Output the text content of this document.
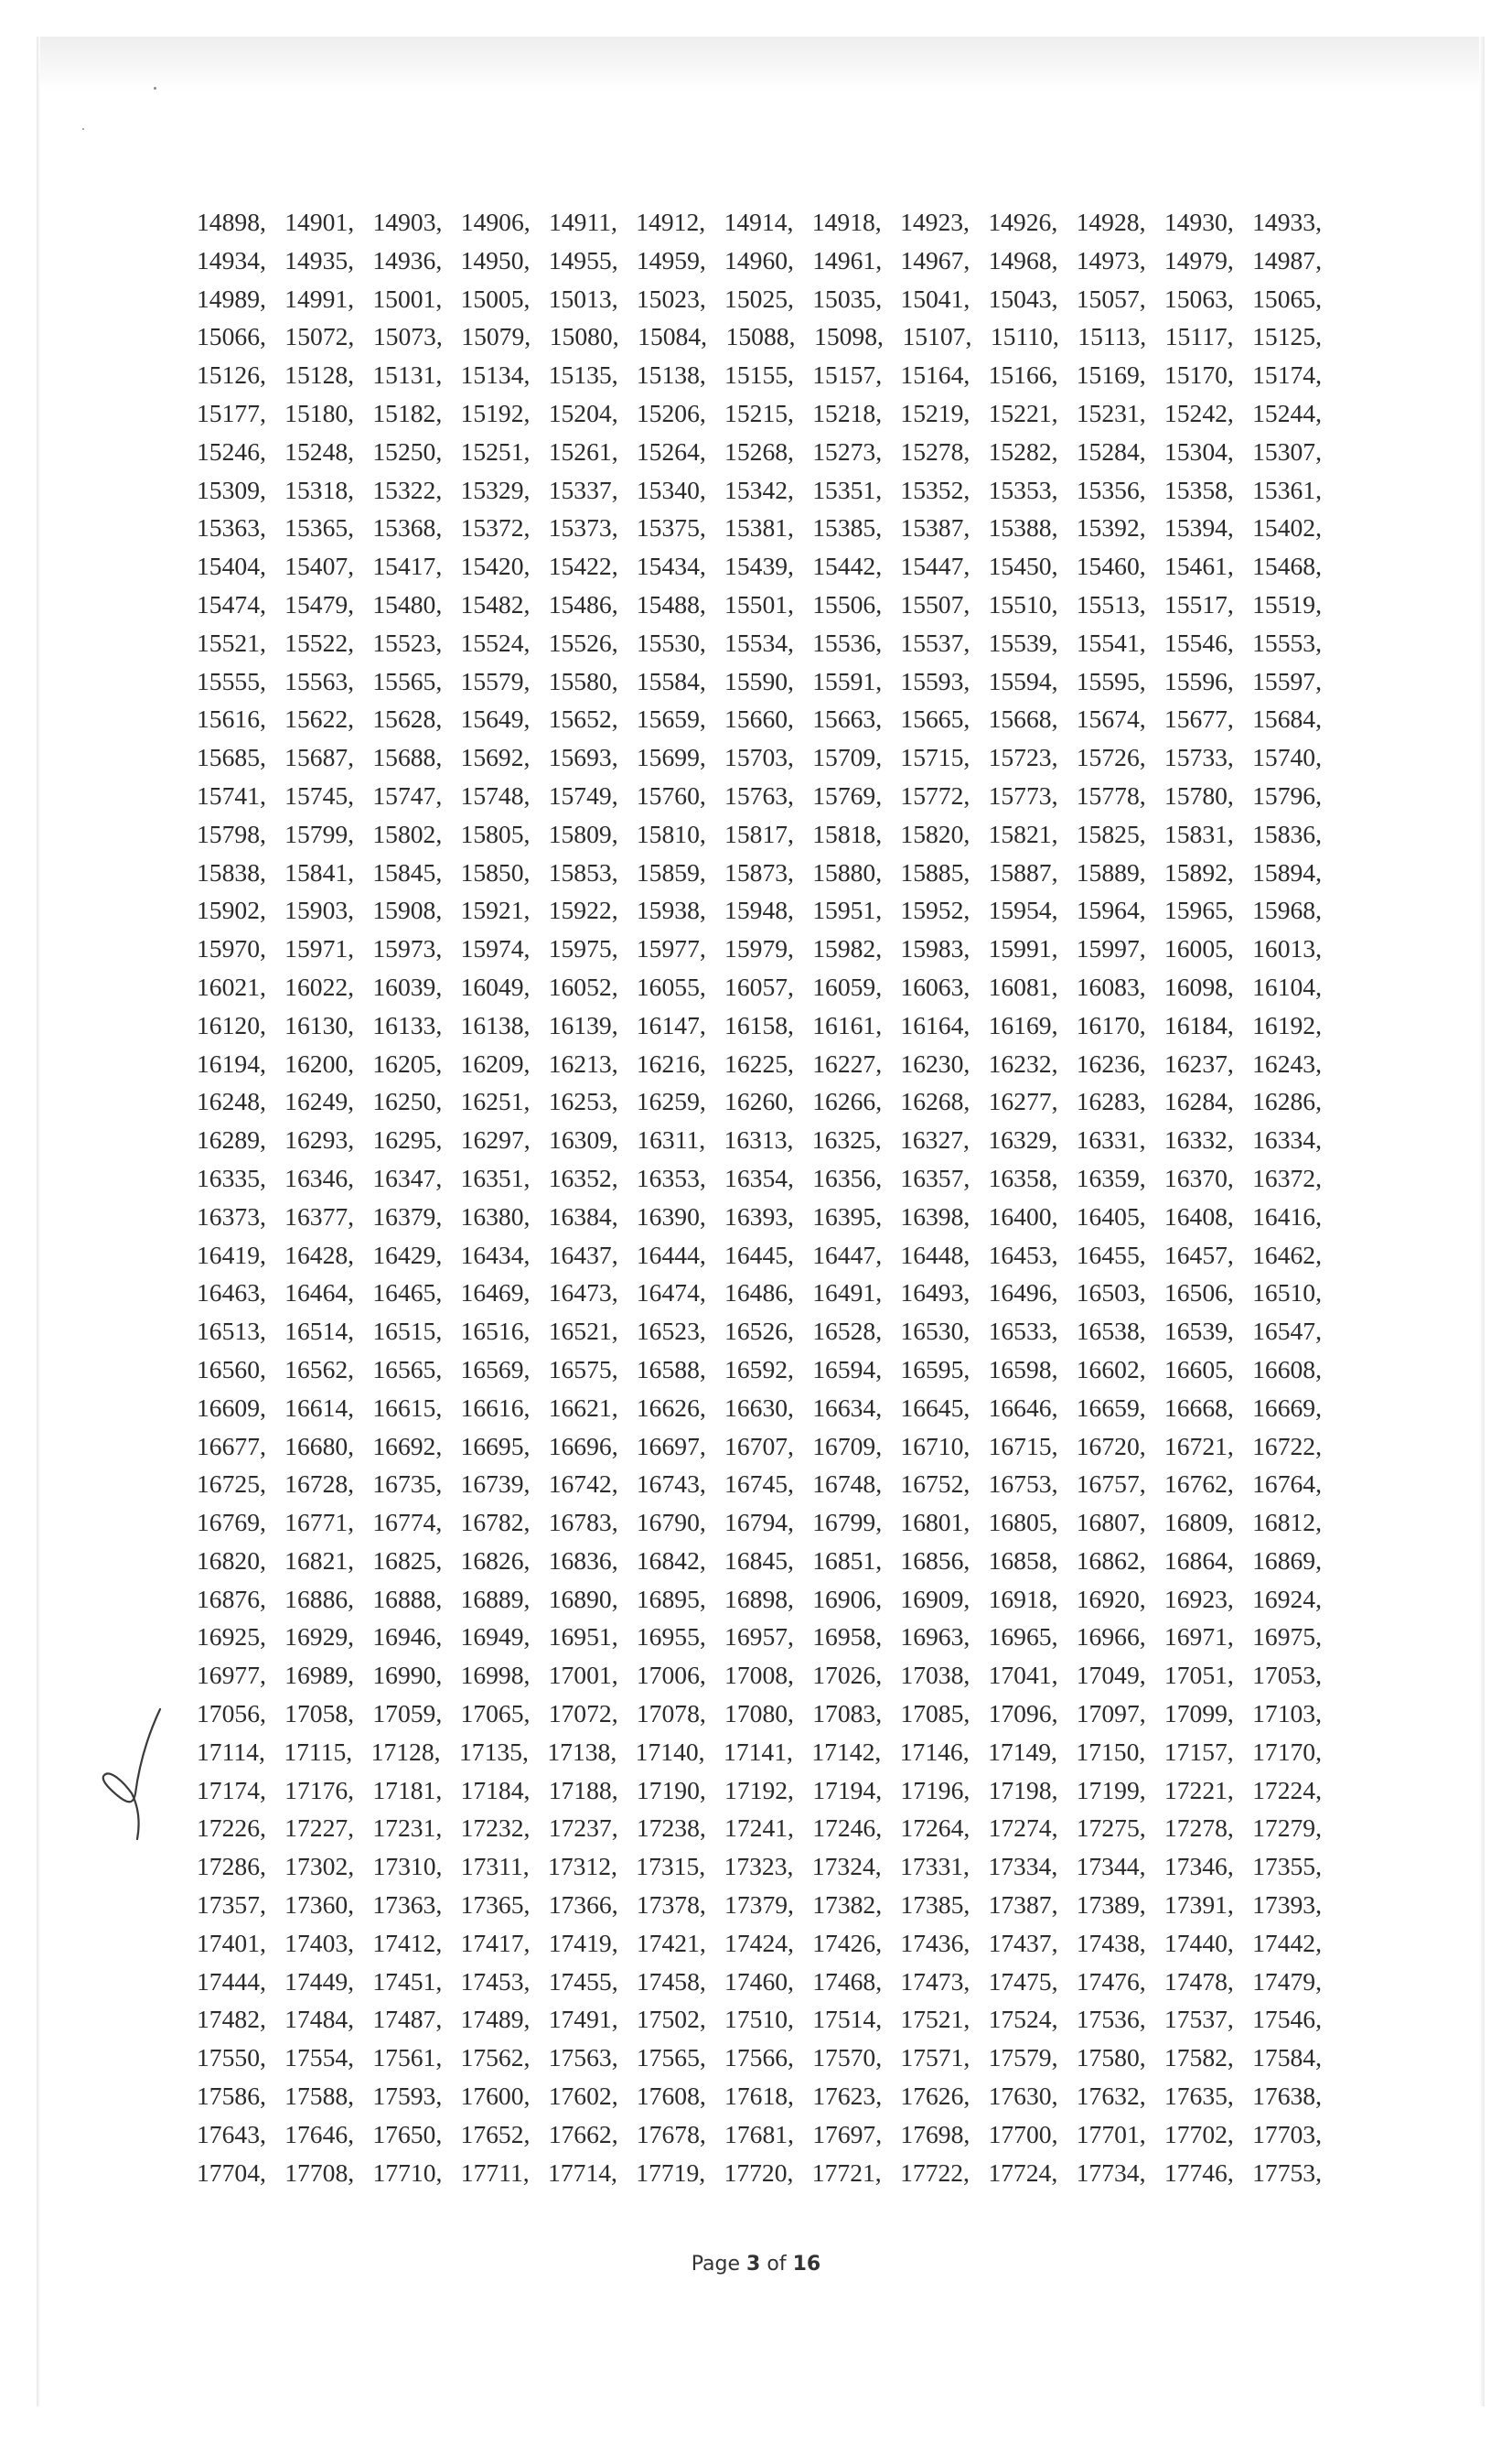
14898, 14901, 14903, 14906, 14911, 14912, 14914, 14918, 14923, 14926, 14928, 14930, 14933,
14934, 14935, 14936, 14950, 14955, 14959, 14960, 14961, 14967, 14968, 14973, 14979, 14987,
14989, 14991, 15001, 15005, 15013, 15023, 15025, 15035, 15041, 15043, 15057, 15063, 15065,
15066, 15072, 15073, 15079, 15080, 15084, 15088, 15098, 15107, 15110, 15113, 15117, 15125,
15126, 15128, 15131, 15134, 15135, 15138, 15155, 15157, 15164, 15166, 15169, 15170, 15174,
15177, 15180, 15182, 15192, 15204, 15206, 15215, 15218, 15219, 15221, 15231, 15242, 15244,
15246, 15248, 15250, 15251, 15261, 15264, 15268, 15273, 15278, 15282, 15284, 15304, 15307,
15309, 15318, 15322, 15329, 15337, 15340, 15342, 15351, 15352, 15353, 15356, 15358, 15361,
15363, 15365, 15368, 15372, 15373, 15375, 15381, 15385, 15387, 15388, 15392, 15394, 15402,
15404, 15407, 15417, 15420, 15422, 15434, 15439, 15442, 15447, 15450, 15460, 15461, 15468,
15474, 15479, 15480, 15482, 15486, 15488, 15501, 15506, 15507, 15510, 15513, 15517, 15519,
15521, 15522, 15523, 15524, 15526, 15530, 15534, 15536, 15537, 15539, 15541, 15546, 15553,
15555, 15563, 15565, 15579, 15580, 15584, 15590, 15591, 15593, 15594, 15595, 15596, 15597,
15616, 15622, 15628, 15649, 15652, 15659, 15660, 15663, 15665, 15668, 15674, 15677, 15684,
15685, 15687, 15688, 15692, 15693, 15699, 15703, 15709, 15715, 15723, 15726, 15733, 15740,
15741, 15745, 15747, 15748, 15749, 15760, 15763, 15769, 15772, 15773, 15778, 15780, 15796,
15798, 15799, 15802, 15805, 15809, 15810, 15817, 15818, 15820, 15821, 15825, 15831, 15836,
15838, 15841, 15845, 15850, 15853, 15859, 15873, 15880, 15885, 15887, 15889, 15892, 15894,
15902, 15903, 15908, 15921, 15922, 15938, 15948, 15951, 15952, 15954, 15964, 15965, 15968,
15970, 15971, 15973, 15974, 15975, 15977, 15979, 15982, 15983, 15991, 15997, 16005, 16013,
16021, 16022, 16039, 16049, 16052, 16055, 16057, 16059, 16063, 16081, 16083, 16098, 16104,
16120, 16130, 16133, 16138, 16139, 16147, 16158, 16161, 16164, 16169, 16170, 16184, 16192,
16194, 16200, 16205, 16209, 16213, 16216, 16225, 16227, 16230, 16232, 16236, 16237, 16243,
16248, 16249, 16250, 16251, 16253, 16259, 16260, 16266, 16268, 16277, 16283, 16284, 16286,
16289, 16293, 16295, 16297, 16309, 16311, 16313, 16325, 16327, 16329, 16331, 16332, 16334,
16335, 16346, 16347, 16351, 16352, 16353, 16354, 16356, 16357, 16358, 16359, 16370, 16372,
16373, 16377, 16379, 16380, 16384, 16390, 16393, 16395, 16398, 16400, 16405, 16408, 16416,
16419, 16428, 16429, 16434, 16437, 16444, 16445, 16447, 16448, 16453, 16455, 16457, 16462,
16463, 16464, 16465, 16469, 16473, 16474, 16486, 16491, 16493, 16496, 16503, 16506, 16510,
16513, 16514, 16515, 16516, 16521, 16523, 16526, 16528, 16530, 16533, 16538, 16539, 16547,
16560, 16562, 16565, 16569, 16575, 16588, 16592, 16594, 16595, 16598, 16602, 16605, 16608,
16609, 16614, 16615, 16616, 16621, 16626, 16630, 16634, 16645, 16646, 16659, 16668, 16669,
16677, 16680, 16692, 16695, 16696, 16697, 16707, 16709, 16710, 16715, 16720, 16721, 16722,
16725, 16728, 16735, 16739, 16742, 16743, 16745, 16748, 16752, 16753, 16757, 16762, 16764,
16769, 16771, 16774, 16782, 16783, 16790, 16794, 16799, 16801, 16805, 16807, 16809, 16812,
16820, 16821, 16825, 16826, 16836, 16842, 16845, 16851, 16856, 16858, 16862, 16864, 16869,
16876, 16886, 16888, 16889, 16890, 16895, 16898, 16906, 16909, 16918, 16920, 16923, 16924,
16925, 16929, 16946, 16949, 16951, 16955, 16957, 16958, 16963, 16965, 16966, 16971, 16975,
16977, 16989, 16990, 16998, 17001, 17006, 17008, 17026, 17038, 17041, 17049, 17051, 17053,
17056, 17058, 17059, 17065, 17072, 17078, 17080, 17083, 17085, 17096, 17097, 17099, 17103,
17114, 17115, 17128, 17135, 17138, 17140, 17141, 17142, 17146, 17149, 17150, 17157, 17170,
17174, 17176, 17181, 17184, 17188, 17190, 17192, 17194, 17196, 17198, 17199, 17221, 17224,
17226, 17227, 17231, 17232, 17237, 17238, 17241, 17246, 17264, 17274, 17275, 17278, 17279,
17286, 17302, 17310, 17311, 17312, 17315, 17323, 17324, 17331, 17334, 17344, 17346, 17355,
17357, 17360, 17363, 17365, 17366, 17378, 17379, 17382, 17385, 17387, 17389, 17391, 17393,
17401, 17403, 17412, 17417, 17419, 17421, 17424, 17426, 17436, 17437, 17438, 17440, 17442,
17444, 17449, 17451, 17453, 17455, 17458, 17460, 17468, 17473, 17475, 17476, 17478, 17479,
17482, 17484, 17487, 17489, 17491, 17502, 17510, 17514, 17521, 17524, 17536, 17537, 17546,
17550, 17554, 17561, 17562, 17563, 17565, 17566, 17570, 17571, 17579, 17580, 17582, 17584,
17586, 17588, 17593, 17600, 17602, 17608, 17618, 17623, 17626, 17630, 17632, 17635, 17638,
17643, 17646, 17650, 17652, 17662, 17678, 17681, 17697, 17698, 17700, 17701, 17702, 17703,
17704, 17708, 17710, 17711, 17714, 17719, 17720, 17721, 17722, 17724, 17734, 17746, 17753,
Page 3 of 16
